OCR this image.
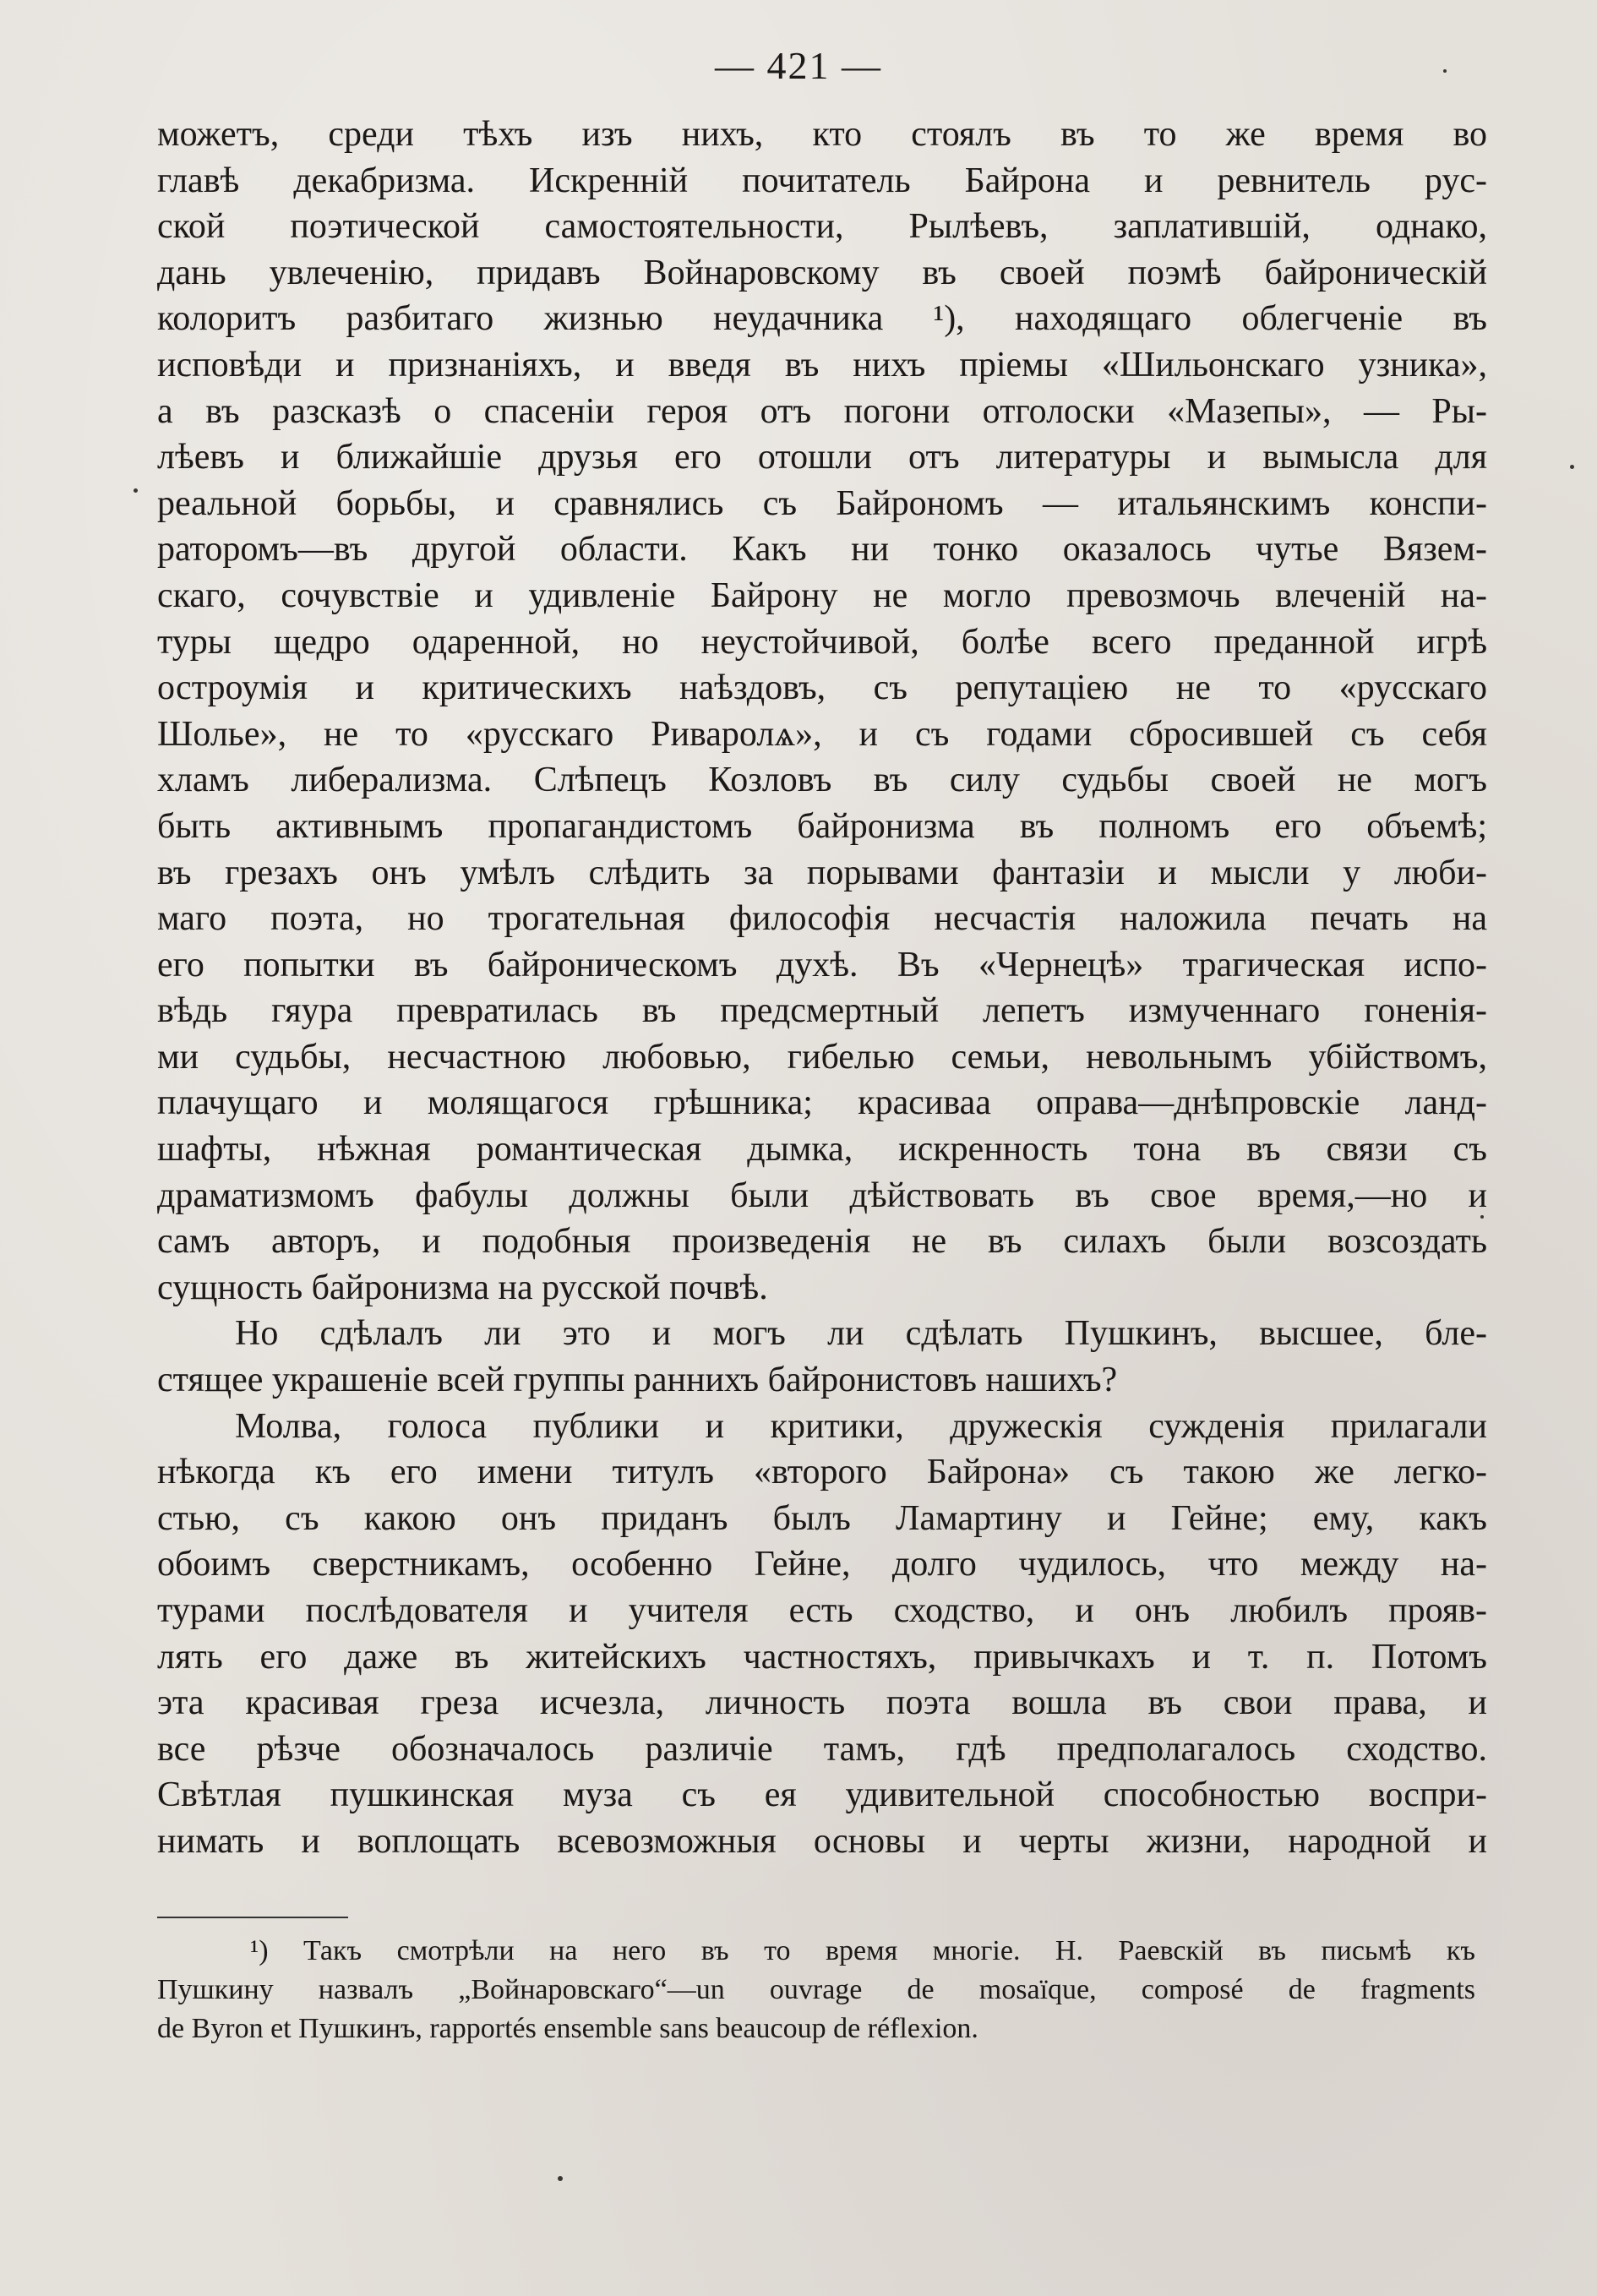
— 421 —
можетъ, среди тѣхъ изъ нихъ, кто стоялъ въ то же время во
главѣ декабризма. Искренній почитатель Байрона и ревнитель рус-
ской поэтической самостоятельности, Рылѣевъ, заплатившій, однако,
дань увлеченію, придавъ Войнаровскому въ своей поэмѣ байроническій
колоритъ разбитаго жизнью неудачника ¹), находящаго облегченіе въ
исповѣди и признаніяхъ, и введя въ нихъ пріемы «Шильонскаго узника»,
а въ разсказѣ о спасеніи героя отъ погони отголоски «Мазепы», — Ры-
лѣевъ и ближайшіе друзья его отошли отъ литературы и вымысла для
реальной борьбы, и сравнялись съ Байрономъ — итальянскимъ конспи-
раторомъ—въ другой области. Какъ ни тонко оказалось чутье Вязем-
скаго, сочувствіе и удивленіе Байрону не могло превозмочь влеченій на-
туры щедро одаренной, но неустойчивой, болѣе всего преданной игрѣ
остроумія и критическихъ наѣздовъ, съ репутаціею не то «русскаго
Шолье», не то «русскаго Риваролѧ», и съ годами сбросившей съ себя
хламъ либерализма. Слѣпецъ Козловъ въ силу судьбы своей не могъ
быть активнымъ пропагандистомъ байронизма въ полномъ его объемѣ;
въ грезахъ онъ умѣлъ слѣдить за порывами фантазіи и мысли у люби-
маго поэта, но трогательная философія несчастія наложила печать на
его попытки въ байроническомъ духѣ. Въ «Чернецѣ» трагическая испо-
вѣдь гяура превратилась въ предсмертный лепетъ измученнаго гоненія-
ми судьбы, несчастною любовью, гибелью семьи, невольнымъ убійствомъ,
плачущаго и молящагося грѣшника; красиваа оправа—днѣпровскіе ланд-
шафты, нѣжная романтическая дымка, искренность тона въ связи съ
драматизмомъ фабулы должны были дѣйствовать въ свое время,—но и
самъ авторъ, и подобныя произведенія не въ силахъ были возсоздать
сущность байронизма на русской почвѣ.
Но сдѣлалъ ли это и могъ ли сдѣлать Пушкинъ, высшее, бле-
стящее украшеніе всей группы раннихъ байронистовъ нашихъ?
Молва, голоса публики и критики, дружескія сужденія прилагали
нѣкогда къ его имени титулъ «второго Байрона» съ такою же легко-
стью, съ какою онъ приданъ былъ Ламартину и Гейне; ему, какъ
обоимъ сверстникамъ, особенно Гейне, долго чудилось, что между на-
турами послѣдователя и учителя есть сходство, и онъ любилъ прояв-
лять его даже въ житейскихъ частностяхъ, привычкахъ и т. п. Потомъ
эта красивая греза исчезла, личность поэта вошла въ свои права, и
все рѣзче обозначалось различіе тамъ, гдѣ предполагалось сходство.
Свѣтлая пушкинская муза съ ея удивительной способностью воспри-
нимать и воплощать всевозможныя основы и черты жизни, народной и
¹) Такъ смотрѣли на него въ то время многіе. Н. Раевскій въ письмѣ къ
Пушкину назвалъ „Войнаровскаго“—un ouvrage de mosaïque, composé de fragments
de Byron et Пушкинъ, rapportés ensemble sans beaucoup de réflexion.
